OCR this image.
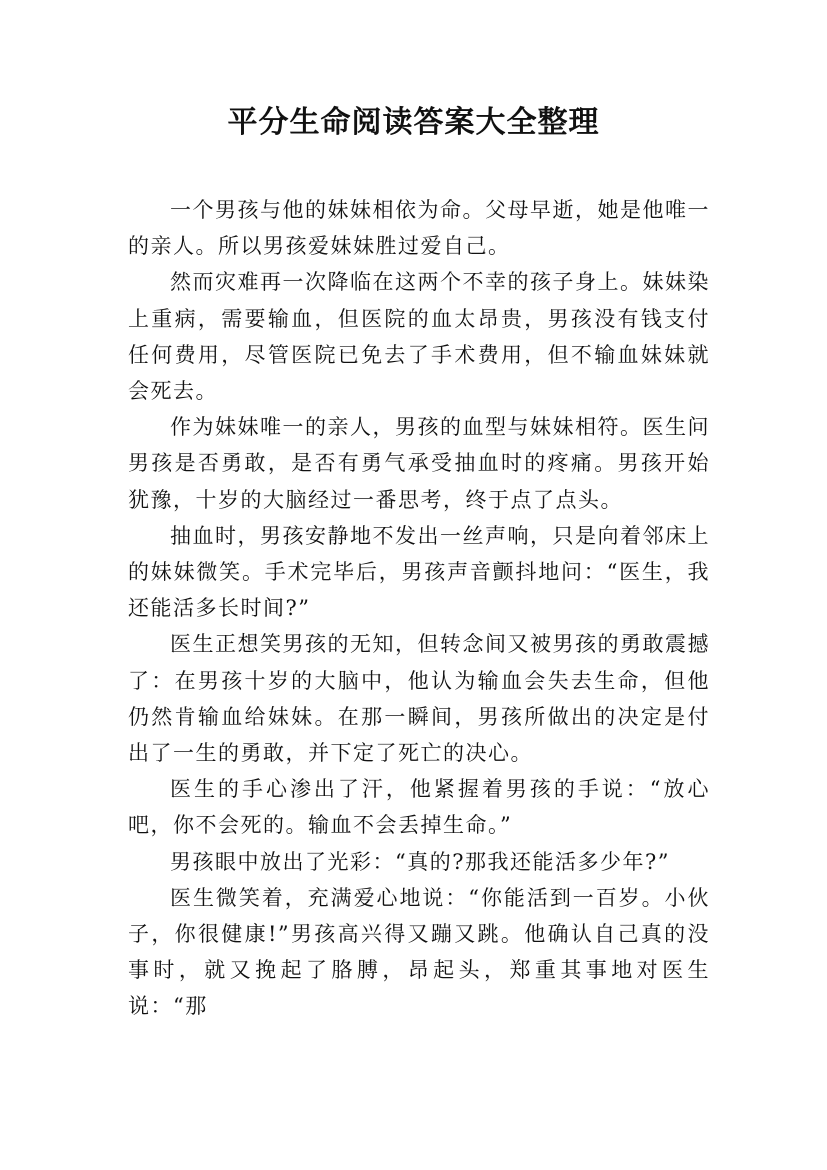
平分生命阅读答案大全整理

一个男孩与他的妹妹相依为命。父母早逝，她是他唯一的亲人。所以男孩爱妹妹胜过爱自己。

然而灾难再一次降临在这两个不幸的孩子身上。妹妹染上重病，需要输血，但医院的血太昂贵，男孩没有钱支付任何费用，尽管医院已免去了手术费用，但不输血妹妹就会死去。

作为妹妹唯一的亲人，男孩的血型与妹妹相符。医生问男孩是否勇敢，是否有勇气承受抽血时的疼痛。男孩开始犹豫，十岁的大脑经过一番思考，终于点了点头。

抽血时，男孩安静地不发出一丝声响，只是向着邻床上的妹妹微笑。手术完毕后，男孩声音颤抖地问：“医生，我还能活多长时间?”

医生正想笑男孩的无知，但转念间又被男孩的勇敢震撼了：在男孩十岁的大脑中，他认为输血会失去生命，但他仍然肯输血给妹妹。在那一瞬间，男孩所做出的决定是付出了一生的勇敢，并下定了死亡的决心。

医生的手心渗出了汗，他紧握着男孩的手说：“放心吧，你不会死的。输血不会丢掉生命。”

男孩眼中放出了光彩：“真的?那我还能活多少年?”

医生微笑着，充满爱心地说：“你能活到一百岁。小伙子，你很健康!”男孩高兴得又蹦又跳。他确认自己真的没事时，就又挽起了胳膊，昂起头，郑重其事地对医生说：“那
